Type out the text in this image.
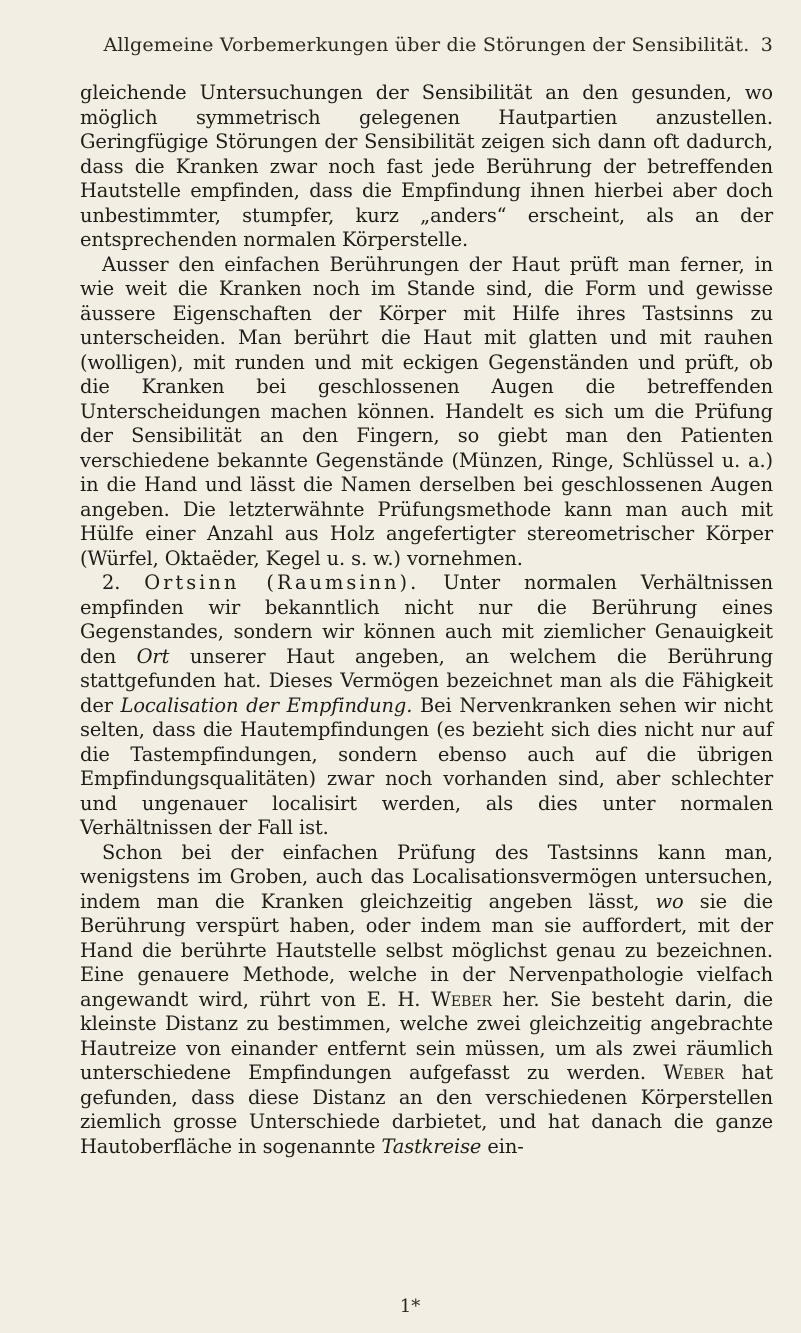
Allgemeine Vorbemerkungen über die Störungen der Sensibilität. 3

gleichende Untersuchungen der Sensibilität an den gesunden, wo möglich symmetrisch gelegenen Hautpartien anzustellen. Geringfügige Störungen der Sensibilität zeigen sich dann oft dadurch, dass die Kranken zwar noch fast jede Berührung der betreffenden Hautstelle empfinden, dass die Empfindung ihnen hierbei aber doch unbestimmter, stumpfer, kurz „anders“ erscheint, als an der entsprechenden normalen Körperstelle.

Ausser den einfachen Berührungen der Haut prüft man ferner, in wie weit die Kranken noch im Stande sind, die Form und gewisse äussere Eigenschaften der Körper mit Hilfe ihres Tastsinns zu unterscheiden. Man berührt die Haut mit glatten und mit rauhen (wolligen), mit runden und mit eckigen Gegenständen und prüft, ob die Kranken bei geschlossenen Augen die betreffenden Unterscheidungen machen können. Handelt es sich um die Prüfung der Sensibilität an den Fingern, so giebt man den Patienten verschiedene bekannte Gegenstände (Münzen, Ringe, Schlüssel u. a.) in die Hand und lässt die Namen derselben bei geschlossenen Augen angeben. Die letzterwähnte Prüfungsmethode kann man auch mit Hülfe einer Anzahl aus Holz angefertigter stereometrischer Körper (Würfel, Oktaëder, Kegel u. s. w.) vornehmen.

2. Ortsinn (Raumsinn). Unter normalen Verhältnissen empfinden wir bekanntlich nicht nur die Berührung eines Gegenstandes, sondern wir können auch mit ziemlicher Genauigkeit den Ort unserer Haut angeben, an welchem die Berührung stattgefunden hat. Dieses Vermögen bezeichnet man als die Fähigkeit der Localisation der Empfindung. Bei Nervenkranken sehen wir nicht selten, dass die Hautempfindungen (es bezieht sich dies nicht nur auf die Tastempfindungen, sondern ebenso auch auf die übrigen Empfindungsqualitäten) zwar noch vorhanden sind, aber schlechter und ungenauer localisirt werden, als dies unter normalen Verhältnissen der Fall ist.

Schon bei der einfachen Prüfung des Tastsinns kann man, wenigstens im Groben, auch das Localisationsvermögen untersuchen, indem man die Kranken gleichzeitig angeben lässt, wo sie die Berührung verspürt haben, oder indem man sie auffordert, mit der Hand die berührte Hautstelle selbst möglichst genau zu bezeichnen. Eine genauere Methode, welche in der Nervenpathologie vielfach angewandt wird, rührt von E. H. Weber her. Sie besteht darin, die kleinste Distanz zu bestimmen, welche zwei gleichzeitig angebrachte Hautreize von einander entfernt sein müssen, um als zwei räumlich unterschiedene Empfindungen aufgefasst zu werden. Weber hat gefunden, dass diese Distanz an den verschiedenen Körperstellen ziemlich grosse Unterschiede darbietet, und hat danach die ganze Hautoberfläche in sogenannte Tastkreise ein-

1*
